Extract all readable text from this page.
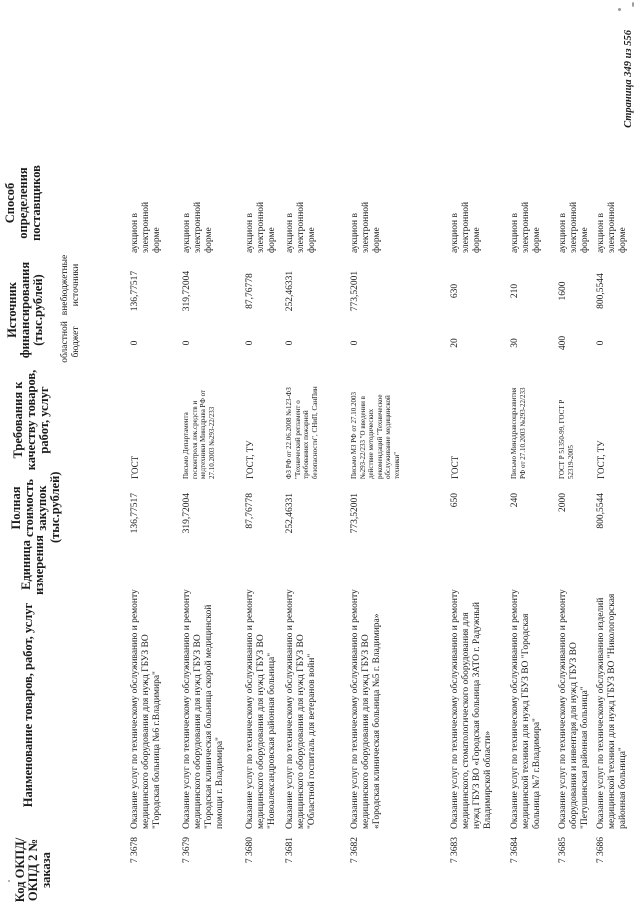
Код ОКПД/ ОКПД 2 № заказа
Наименование товаров, работ, услуг
Единица измерения
Полная стоимость закупок (тыс.рублей)
Требования к качеству товаров, работ, услуг
Источник финансирования (тыс.рублей) областной бюджет
внебюджетные источники
Способ определения поставщиков
7 3678
Оказание услуг по техническому обслуживанию и ремонту медицинского оборудования для нужд ГБУЗ ВО "Городская больница №6 г.Владимира"
136,77517
ГОСТ
0
136,77517
аукцион в электронной форме
7 3679
Оказание услуг по техническому обслуживанию и ремонту медицинского оборудования для нужд ГБУЗ ВО "Городская клиническая больница скорой медицинской помощи г. Владимира"
319,72004
Письмо Департамента госконтроля лек.средств и медтехники Минздрава РФ от 27.10.2003 №293-22/233
0
319,72004
аукцион в электронной форме
7 3680
Оказание услуг по техническому обслуживанию и ремонту медицинского оборудования для нужд ГБУЗ ВО "Новоалександровская районная больница"
87,76778
ГОСТ, ТУ
0
87,76778
аукцион в электронной форме
7 3681
Оказание услуг по техническому обслуживанию и ремонту медицинского оборудования для нужд ГБУЗ ВО "Областной госпиталь для ветеранов войн"
252,46331
ФЗ РФ от 22.06.2008 №123-ФЗ "Технический регламент о требованиях пожарной безопасности", СНиП, СанПин
0
252,46331
аукцион в электронной форме
7 3682
Оказание услуг по техническому обслуживанию и ремонту медицинского оборудования для нужд ГБУЗ ВО «Городская клиническая больница №5 г. Владимира»
773,52001
Письмо МЗ РФ от 27.10.2003 №293-22/233 "О введении в действие методических рекомендаций "Техническое обслуживание медицинской техники"
0
773,52001
аукцион в электронной форме
7 3683
Оказание услуг по техническому обслуживанию и ремонту медицинского, стоматологического оборудования для нужд ГБУЗ ВО «Городская больница ЗАТО г. Радужный Владимирской области»
650
ГОСТ
20
630
аукцион в электронной форме
7 3684
Оказание услуг по техническому обслуживанию и ремонту медицинской техники для нужд ГБУЗ ВО "Городская больница №7 г.Владимира"
240
Письмо Минздравсоцразвития РФ от 27.10.2003 №293-22/233
30
210
аукцион в электронной форме
7 3685
Оказание услуг по техническому обслуживанию и ремонту оборудования и инвентаря для нужд ГБУЗ ВО "Петушинская районная больница"
2000
ГОСТ Р 51350-99, ГОСТ Р 52319-2005
400
1600
аукцион в электронной форме
7 3686
Оказание услуг по техническому обслуживанию изделий медицинской техники для нужд ГБУЗ ВО "Никологорская районная больница"
800,5544
ГОСТ, ТУ
0
800,5544
аукцион в электронной форме
Страница 349 из 556
